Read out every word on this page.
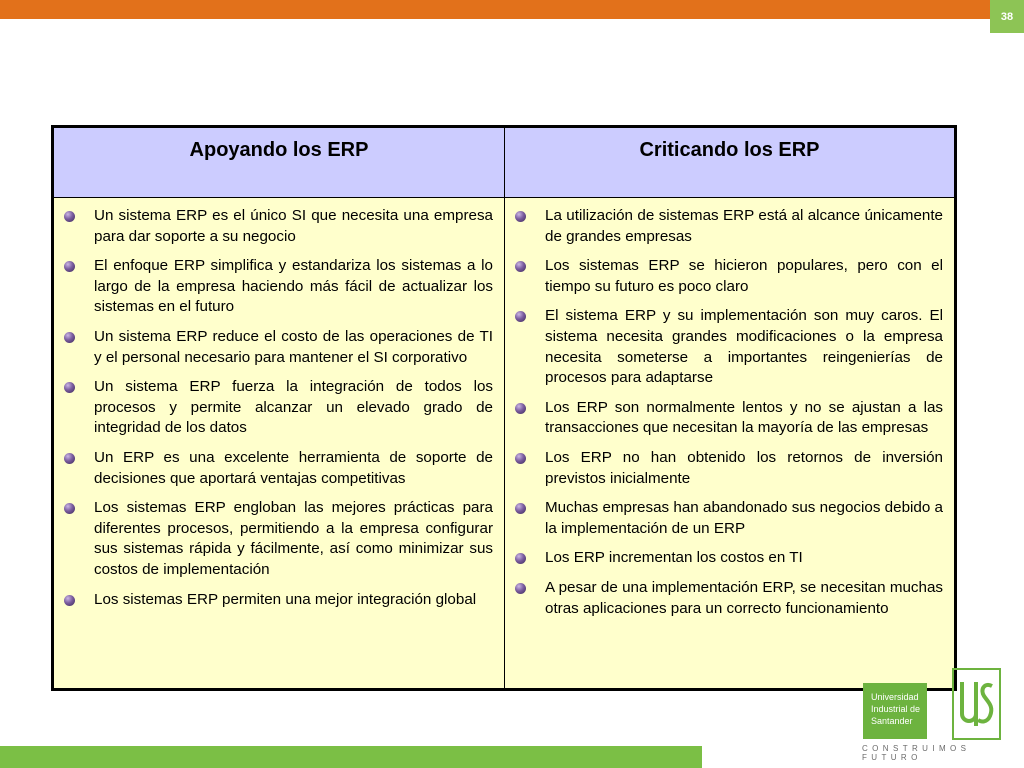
38
Apoyando los ERP	Criticando los ERP
Un sistema ERP es el único SI que necesita una empresa para dar soporte a su negocio
El enfoque ERP simplifica y estandariza los sistemas a lo largo de la empresa haciendo más fácil de actualizar los sistemas en el futuro
Un sistema ERP reduce el costo de las operaciones de TI y el personal necesario para mantener el SI corporativo
Un sistema ERP fuerza la integración de todos los procesos y permite alcanzar un elevado grado de integridad de los datos
Un ERP es una excelente herramienta de soporte de decisiones que aportará ventajas competitivas
Los sistemas ERP engloban las mejores prácticas para diferentes procesos, permitiendo a la empresa configurar sus sistemas rápida y fácilmente, así como minimizar sus costos de implementación
Los sistemas ERP permiten una mejor integración global
La utilización de sistemas ERP está al alcance únicamente de grandes empresas
Los sistemas ERP se hicieron populares, pero con el tiempo su futuro es poco claro
El sistema ERP y su implementación son muy caros. El sistema necesita grandes modificaciones o la empresa necesita someterse a importantes reingenierías de procesos para adaptarse
Los ERP son normalmente lentos y no se ajustan a las transacciones que necesitan la mayoría de las empresas
Los ERP no han obtenido los retornos de inversión previstos inicialmente
Muchas empresas han abandonado sus negocios debido a la implementación de un ERP
Los ERP incrementan los costos en TI
A pesar de una implementación ERP, se necesitan muchas otras aplicaciones para un correcto funcionamiento
Universidad
Industrial de
Santander
CONSTRUIMOS FUTURO
